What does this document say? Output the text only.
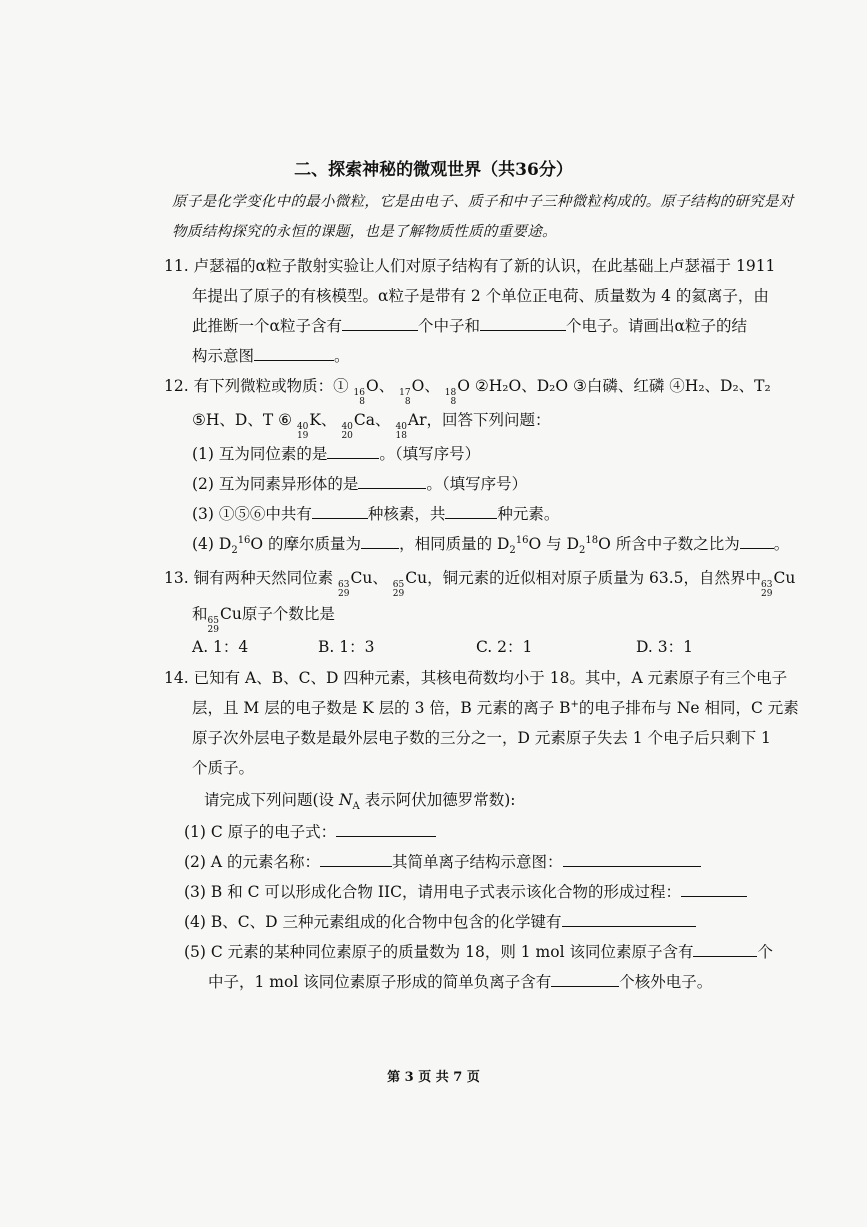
二、探索神秘的微观世界（共36分）
原子是化学变化中的最小微粒，它是由电子、质子和中子三种微粒构成的。原子结构的研究是对
物质结构探究的永恒的课题，也是了解物质性质的重要途。
11. 卢瑟福的α粒子散射实验让人们对原子结构有了新的认识，在此基础上卢瑟福于 1911
年提出了原子的有核模型。α粒子是带有 2 个单位正电荷、质量数为 4 的氦离子，由
此推断一个α粒子含有	个中子和	个电子。请画出α粒子的结
构示意图	。
12. 有下列微粒或物质：① 16
8
O、 17
8
O、 18
8
O ②H₂O、D₂O ③白磷、红磷 ④H₂、D₂、T₂
⑤H、D、T ⑥ 40
19
K、 40
20
Ca、 40
18
Ar，回答下列问题：
(1) 互为同位素的是	。（填写序号）
(2) 互为同素异形体的是	。（填写序号）
(3) ①⑤⑥中共有	种核素，共	种元素。
(4) $D_2^{16}O$ 的摩尔质量为 ，相同质量的 $D_2^{16}O$ 与 $D_2^{18}O$ 所含中子数之比为 。
13. 铜有两种天然同位素 63
29
Cu、 65
29
Cu，铜元素的近似相对原子质量为 63.5，自然界中 63
29
Cu
和 65
29
Cu原子个数比是
A. 1：4	B. 1：3	C. 2：1	D. 3：1
14. 已知有 A、B、C、D 四种元素，其核电荷数均小于 18。其中，A 元素原子有三个电子
层，且 M 层的电子数是 K 层的 3 倍，B 元素的离子 B+的电子排布与 Ne 相同，C 元素
原子次外层电子数是最外层电子数的三分之一，D 元素原子失去 1 个电子后只剩下 1
个质子。
请完成下列问题(设 $N_A$ 表示阿伏加德罗常数):
(1) C 原子的电子式：
(2) A 的元素名称：	其简单离子结构示意图：
(3) B 和 C 可以形成化合物 ΙΙC，请用电子式表示该化合物的形成过程：
(4) B、C、D 三种元素组成的化合物中包含的化学键有
(5) C 元素的某种同位素原子的质量数为 18，则 1 mol 该同位素原子含有	个
中子，1 mol 该同位素原子形成的简单负离子含有	个核外电子。
第 3 页 共 7 页
